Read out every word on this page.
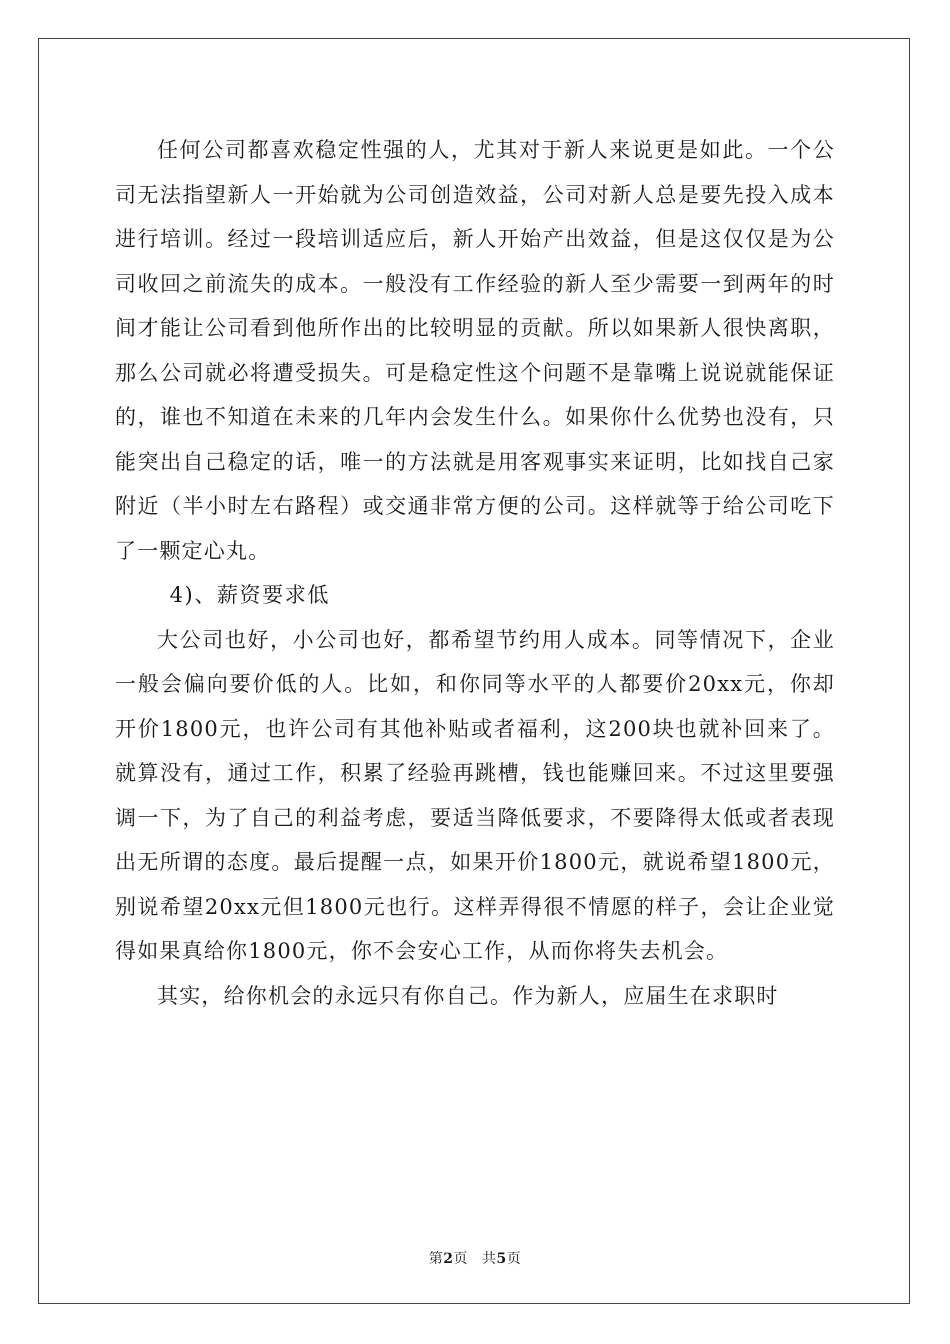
任何公司都喜欢稳定性强的人，尤其对于新人来说更是如此。一个公司无法指望新人一开始就为公司创造效益，公司对新人总是要先投入成本进行培训。经过一段培训适应后，新人开始产出效益，但是这仅仅是为公司收回之前流失的成本。一般没有工作经验的新人至少需要一到两年的时间才能让公司看到他所作出的比较明显的贡献。所以如果新人很快离职，那么公司就必将遭受损失。可是稳定性这个问题不是靠嘴上说说就能保证的，谁也不知道在未来的几年内会发生什么。如果你什么优势也没有，只能突出自己稳定的话，唯一的方法就是用客观事实来证明，比如找自己家附近（半小时左右路程）或交通非常方便的公司。这样就等于给公司吃下了一颗定心丸。

4)、薪资要求低

大公司也好，小公司也好，都希望节约用人成本。同等情况下，企业一般会偏向要价低的人。比如，和你同等水平的人都要价20xx元，你却开价1800元，也许公司有其他补贴或者福利，这200块也就补回来了。就算没有，通过工作，积累了经验再跳槽，钱也能赚回来。不过这里要强调一下，为了自己的利益考虑，要适当降低要求，不要降得太低或者表现出无所谓的态度。最后提醒一点，如果开价1800元，就说希望1800元，别说希望20xx元但1800元也行。这样弄得很不情愿的样子，会让企业觉得如果真给你1800元，你不会安心工作，从而你将失去机会。

其实，给你机会的永远只有你自己。作为新人，应届生在求职时

第2页 共5页
